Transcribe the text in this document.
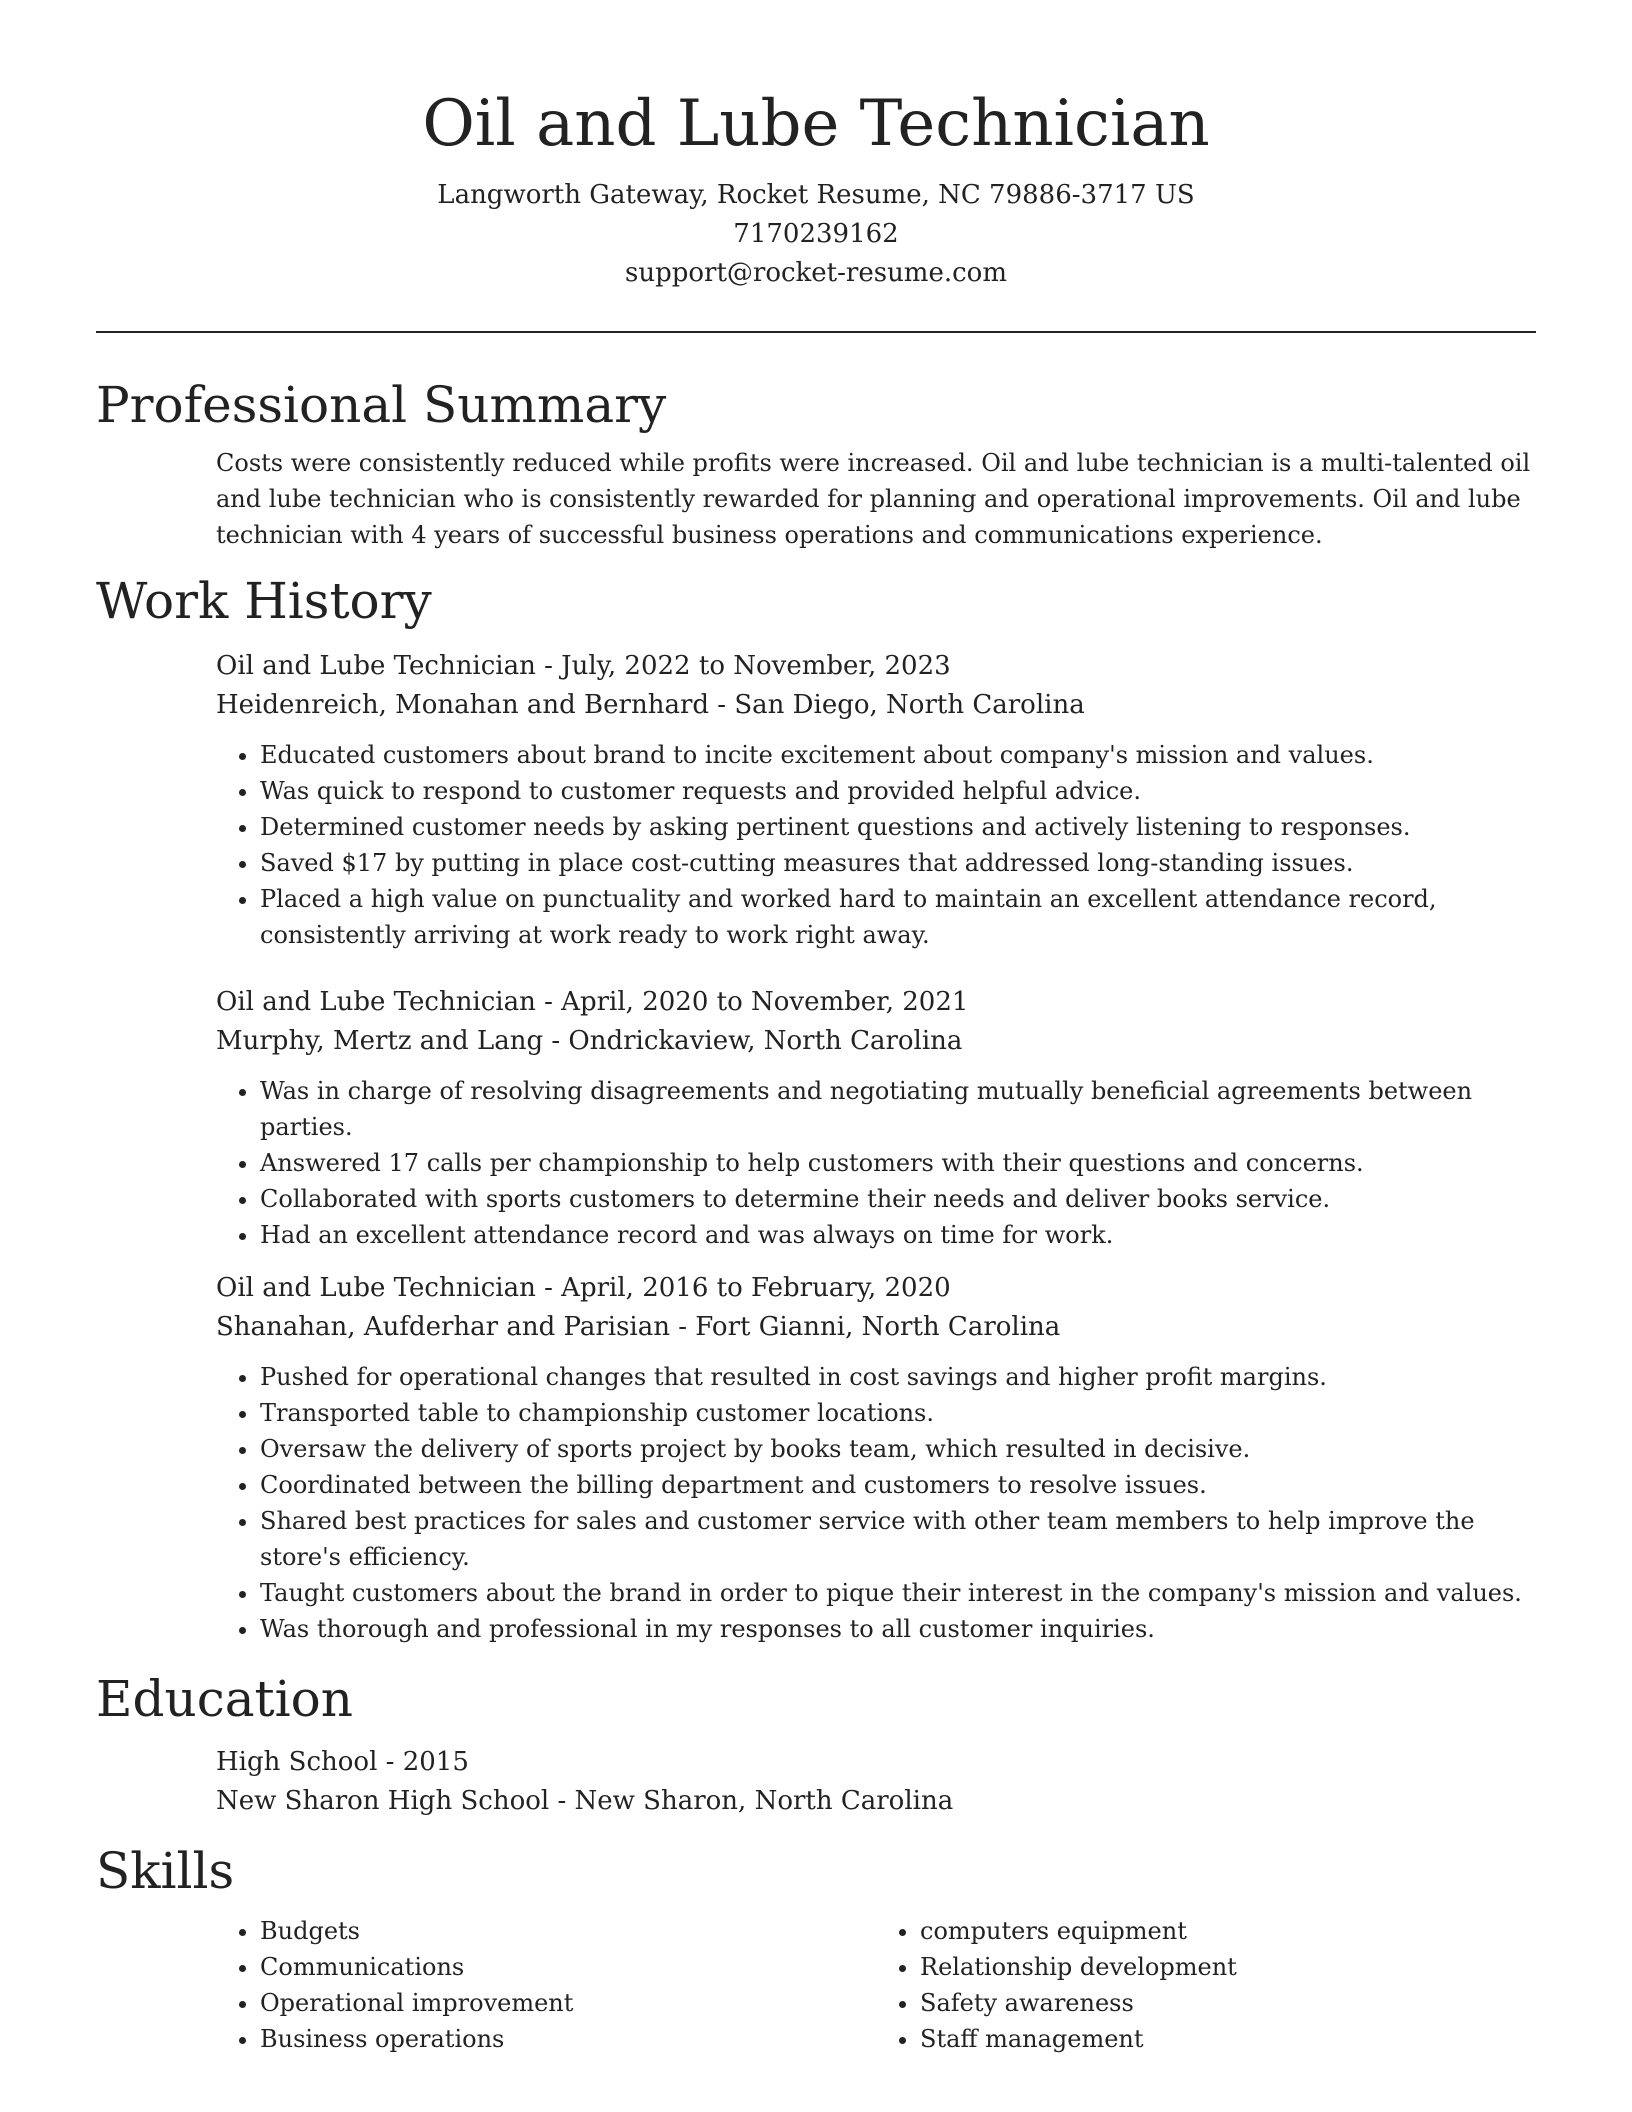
Oil and Lube Technician
Langworth Gateway, Rocket Resume, NC 79886-3717 US
7170239162
support@rocket-resume.com
Professional Summary

Costs were consistently reduced while profits were increased. Oil and lube technician is a multi-talented oil and lube technician who is consistently rewarded for planning and operational improvements. Oil and lube technician with 4 years of successful business operations and communications experience.

Work History
Oil and Lube Technician - July, 2022 to November, 2023
Heidenreich, Monahan and Bernhard - San Diego, North Carolina
• Educated customers about brand to incite excitement about company's mission and values.
• Was quick to respond to customer requests and provided helpful advice.
• Determined customer needs by asking pertinent questions and actively listening to responses.
• Saved $17 by putting in place cost-cutting measures that addressed long-standing issues.
• Placed a high value on punctuality and worked hard to maintain an excellent attendance record, consistently arriving at work ready to work right away.
Oil and Lube Technician - April, 2020 to November, 2021
Murphy, Mertz and Lang - Ondrickaview, North Carolina
• Was in charge of resolving disagreements and negotiating mutually beneficial agreements between parties.
• Answered 17 calls per championship to help customers with their questions and concerns.
• Collaborated with sports customers to determine their needs and deliver books service.
• Had an excellent attendance record and was always on time for work.
Oil and Lube Technician - April, 2016 to February, 2020
Shanahan, Aufderhar and Parisian - Fort Gianni, North Carolina
• Pushed for operational changes that resulted in cost savings and higher profit margins.
• Transported table to championship customer locations.
• Oversaw the delivery of sports project by books team, which resulted in decisive.
• Coordinated between the billing department and customers to resolve issues.
• Shared best practices for sales and customer service with other team members to help improve the store's efficiency.
• Taught customers about the brand in order to pique their interest in the company's mission and values.
• Was thorough and professional in my responses to all customer inquiries.
Education
High School - 2015
New Sharon High School - New Sharon, North Carolina
Skills
• Budgets
• Communications
• Operational improvement
• Business operations
• computers equipment
• Relationship development
• Safety awareness
• Staff management
